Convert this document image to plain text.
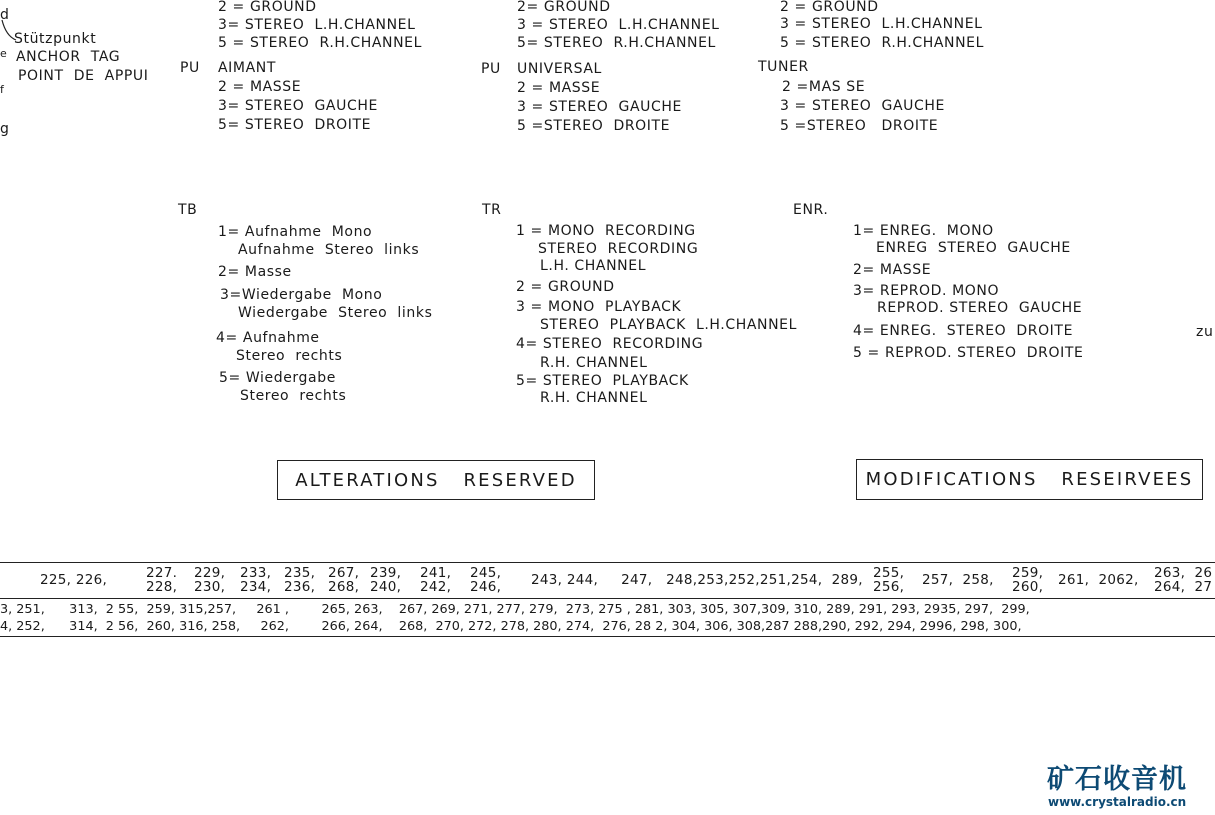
d
e
f
g
Stützpunkt
ANCHOR  TAG
POINT  DE  APPUI
2 = GROUND
3= STEREO  L.H.CHANNEL
5 = STEREO  R.H.CHANNEL
PU AIMANT
2 = MASSE
3= STEREO  GAUCHE
5= STEREO  DROITE
2= GROUND
3 = STEREO  L.H.CHANNEL
5= STEREO  R.H.CHANNEL
PU UNIVERSAL
2 = MASSE
3 = STEREO  GAUCHE
5 =STEREO  DROITE
2 = GROUND
3 = STEREO  L.H.CHANNEL
5 = STEREO  R.H.CHANNEL
TUNER
2 =MAS SE
3 = STEREO  GAUCHE
5 =STEREO   DROITE
TB
1= Aufnahme  Mono
Aufnahme  Stereo  links
2= Masse
3=Wiedergabe  Mono
Wiedergabe  Stereo  links
4= Aufnahme
Stereo  rechts
5= Wiedergabe
Stereo  rechts
TR
1 = MONO  RECORDING
STEREO  RECORDING
L.H. CHANNEL
2 = GROUND
3 = MONO  PLAYBACK
STEREO  PLAYBACK  L.H.CHANNEL
4= STEREO  RECORDING
R.H. CHANNEL
5= STEREO  PLAYBACK
R.H. CHANNEL
ENR.
1= ENREG.  MONO
ENREG  STEREO  GAUCHE
2= MASSE
3= REPROD. MONO
REPROD. STEREO  GAUCHE
4= ENREG.  STEREO  DROITE
5 = REPROD. STEREO  DROITE
zu
ALTERATIONS   RESERVED	MODIFICATIONS   RESEIRVEES
225, 226,	227.
228,
229,
230,
233,
234,
235,
236,
267,
268,
239,
240,
241,
242,
245,
246, 243, 244,     247,   248,253,252,251,254,  289, 255,
256, 257,  258, 259,
260, 261,  2062, 263,  26
264,  27
3, 251,      313,  2 55,  259, 315,257,     261 ,        265, 263,    267, 269, 271, 277, 279,  273, 275 , 281, 303, 305, 307,309, 310, 289, 291, 293, 2935, 297,  299,
4, 252,      314,  2 56,  260, 316, 258,     262,        266, 264,    268,  270, 272, 278, 280, 274,  276, 28 2, 304, 306, 308,287 288,290, 292, 294, 2996, 298, 300,
矿石收音机
www.crystalradio.cn
